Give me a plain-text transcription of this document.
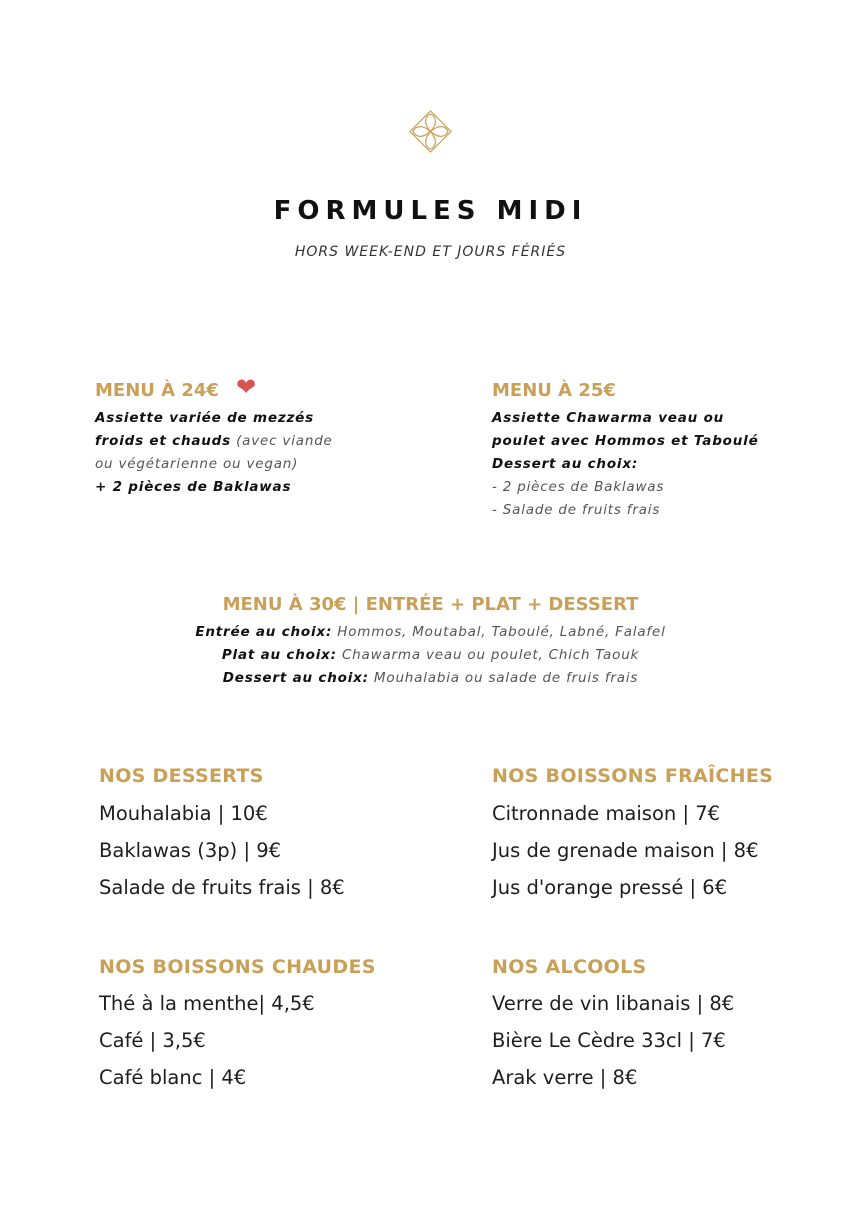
FORMULES MIDI
HORS WEEK-END ET JOURS FÉRIÉS
MENU À 24€ ❤
Assiette variée de mezzés
froids et chauds (avec viande
ou végétarienne ou vegan)
+ 2 pièces de Baklawas
MENU À 25€
Assiette Chawarma veau ou
poulet avec Hommos et Taboulé
Dessert au choix:
- 2 pièces de Baklawas
- Salade de fruits frais
MENU À 30€ | ENTRÉE + PLAT + DESSERT
Entrée au choix: Hommos, Moutabal, Taboulé, Labné, Falafel
Plat au choix: Chawarma veau ou poulet, Chich Taouk
Dessert au choix: Mouhalabia ou salade de fruis frais
NOS DESSERTS
Mouhalabia | 10€
Baklawas (3p) | 9€
Salade de fruits frais | 8€
NOS BOISSONS FRAÎCHES
Citronnade maison | 7€
Jus de grenade maison | 8€
Jus d'orange pressé | 6€
NOS BOISSONS CHAUDES
Thé à la menthe| 4,5€
Café | 3,5€
Café blanc | 4€
NOS ALCOOLS
Verre de vin libanais | 8€
Bière Le Cèdre 33cl | 7€
Arak verre | 8€
